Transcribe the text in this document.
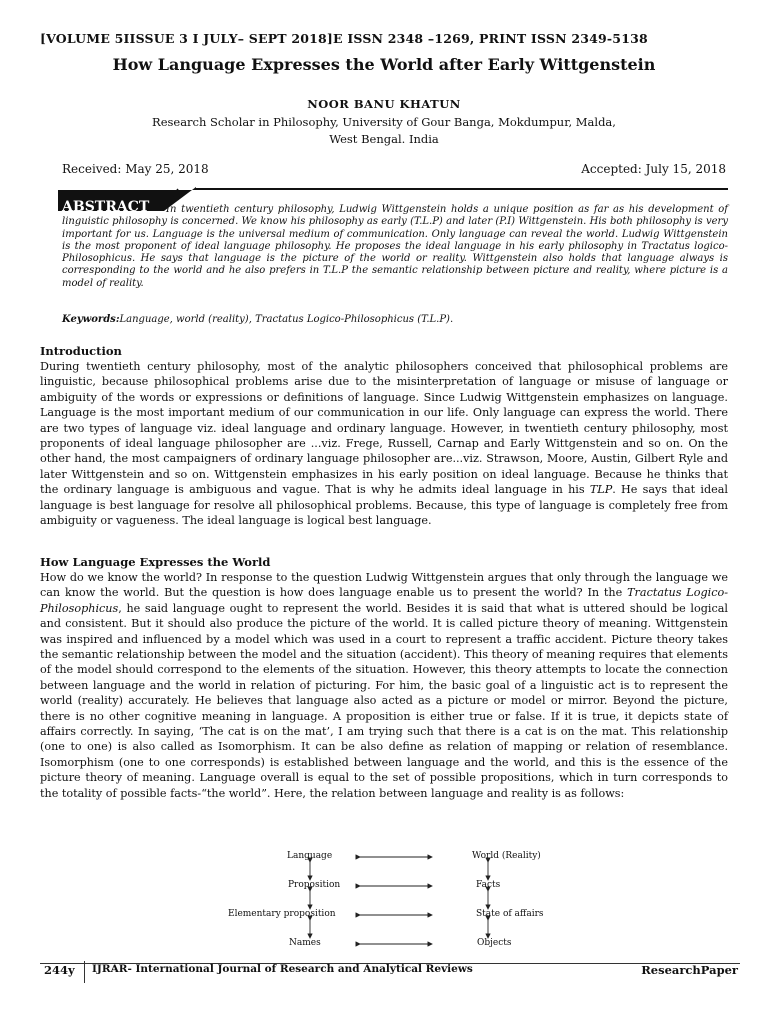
[VOLUME 5IISSUE 3 I JULY– SEPT 2018]E ISSN 2348 –1269, PRINT ISSN 2349-5138
How Language Expresses the World after Early Wittgenstein
NOOR BANU KHATUN
Research Scholar in Philosophy, University of Gour Banga, Mokdumpur, Malda,
West Bengal. India
Received: May 25, 2018	Accepted: July 15, 2018
ABSTRACT	In twentieth century philosophy, Ludwig Wittgenstein holds a unique position as far as his development of linguistic philosophy is concerned. We know his philosophy as early (T.L.P) and later (P.I) Wittgenstein. His both philosophy is very important for us. Language is the universal medium of communication. Only language can reveal the world. Ludwig Wittgenstein is the most proponent of ideal language philosophy. He proposes the ideal language in his early philosophy in Tractatus logico-Philosophicus. He says that language is the picture of the world or reality. Wittgenstein also holds that language always is corresponding to the world and he also prefers in T.L.P the semantic relationship between picture and reality, where picture is a model of reality.
Keywords:Language, world (reality), Tractatus Logico-Philosophicus (T.L.P).
Introduction
During twentieth century philosophy, most of the analytic philosophers conceived that philosophical problems are linguistic, because philosophical problems arise due to the misinterpretation of language or misuse of language or ambiguity of the words or expressions or definitions of language. Since Ludwig Wittgenstein emphasizes on language. Language is the most important medium of our communication in our life. Only language can express the world. There are two types of language viz. ideal language and ordinary language. However, in twentieth century philosophy, most proponents of ideal language philosopher are ...viz. Frege, Russell, Carnap and Early Wittgenstein and so on. On the other hand, the most campaigners of ordinary language philosopher are...viz. Strawson, Moore, Austin, Gilbert Ryle and later Wittgenstein and so on. Wittgenstein emphasizes in his early position on ideal language. Because he thinks that the ordinary language is ambiguous and vague. That is why he admits ideal language in his TLP. He says that ideal language is best language for resolve all philosophical problems. Because, this type of language is completely free from ambiguity or vagueness. The ideal language is logical best language.
How Language Expresses the World
How do we know the world? In response to the question Ludwig Wittgenstein argues that only through the language we can know the world. But the question is how does language enable us to present the world? In the Tractatus Logico-Philosophicus, he said language ought to represent the world. Besides it is said that what is uttered should be logical and consistent. But it should also produce the picture of the world. It is called picture theory of meaning. Wittgenstein was inspired and influenced by a model which was used in a court to represent a traffic accident. Picture theory takes the semantic relationship between the model and the situation (accident). This theory of meaning requires that elements of the model should correspond to the elements of the situation. However, this theory attempts to locate the connection between language and the world in relation of picturing. For him, the basic goal of a linguistic act is to represent the world (reality) accurately. He believes that language also acted as a picture or model or mirror. Beyond the picture, there is no other cognitive meaning in language. A proposition is either true or false. If it is true, it depicts state of affairs correctly. In saying, ‘The cat is on the mat’, I am trying such that there is a cat is on the mat. This relationship (one to one) is also called as Isomorphism. It can be also define as relation of mapping or relation of resemblance. Isomorphism (one to one corresponds) is established between language and the world, and this is the essence of the picture theory of meaning. Language overall is equal to the set of possible propositions, which in turn corresponds to the totality of possible facts-“the world”. Here, the relation between language and reality is as follows:
Language
Proposition
Elementary proposition
Names
World (Reality)
Facts
State of affairs
Objects
244y IJRAR- International Journal of Research and Analytical Reviews	ResearchPaper
